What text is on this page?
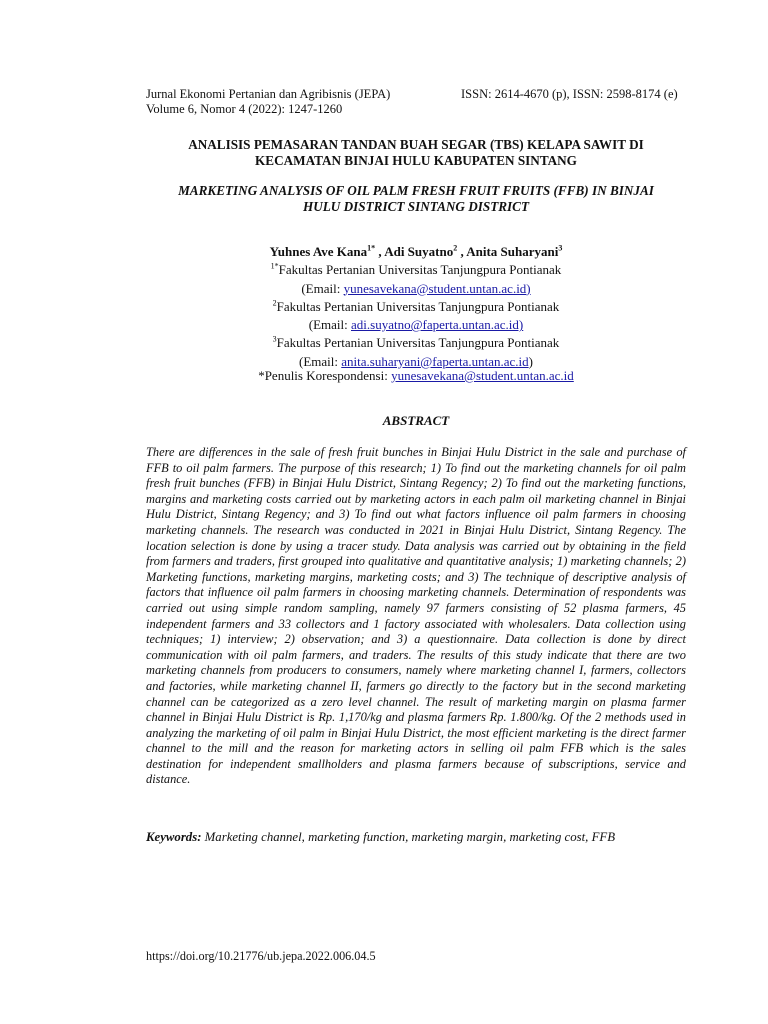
Jurnal Ekonomi Pertanian dan Agribisnis (JEPA)
Volume 6, Nomor 4 (2022): 1247-1260
ISSN: 2614-4670 (p), ISSN: 2598-8174 (e)

ANALISIS PEMASARAN TANDAN BUAH SEGAR (TBS) KELAPA SAWIT DI
KECAMATAN BINJAI HULU KABUPATEN SINTANG

MARKETING ANALYSIS OF OIL PALM FRESH FRUIT FRUITS (FFB) IN BINJAI
HULU DISTRICT SINTANG DISTRICT

Yuhnes Ave Kana$^{1*}$ , Adi Suyatno$^2$ , Anita Suharyani$^3$
$^{1*}$Fakultas Pertanian Universitas Tanjungpura Pontianak
(Email: yunesavekana@student.untan.ac.id)
$^2$Fakultas Pertanian Universitas Tanjungpura Pontianak
(Email: adi.suyatno@faperta.untan.ac.id)
$^3$Fakultas Pertanian Universitas Tanjungpura Pontianak
(Email: anita.suharyani@faperta.untan.ac.id)
*Penulis Korespondensi: yunesavekana@student.untan.ac.id
ABSTRACT

There are differences in the sale of fresh fruit bunches in Binjai Hulu District in the sale and purchase of FFB to oil palm farmers. The purpose of this research; 1) To find out the marketing channels for oil palm fresh fruit bunches (FFB) in Binjai Hulu District, Sintang Regency; 2) To find out the marketing functions, margins and marketing costs carried out by marketing actors in each palm oil marketing channel in Binjai Hulu District, Sintang Regency; and 3) To find out what factors influence oil palm farmers in choosing marketing channels. The research was conducted in 2021 in Binjai Hulu District, Sintang Regency. The location selection is done by using a tracer study. Data analysis was carried out by obtaining in the field from farmers and traders, first grouped into qualitative and quantitative analysis; 1) marketing channels; 2) Marketing functions, marketing margins, marketing costs; and 3) The technique of descriptive analysis of factors that influence oil palm farmers in choosing marketing channels. Determination of respondents was carried out using simple random sampling, namely 97 farmers consisting of 52 plasma farmers, 45 independent farmers and 33 collectors and 1 factory associated with wholesalers. Data collection using techniques; 1) interview; 2) observation; and 3) a questionnaire. Data collection is done by direct communication with oil palm farmers, and traders. The results of this study indicate that there are two marketing channels from producers to consumers, namely where marketing channel I, farmers, collectors and factories, while marketing channel II, farmers go directly to the factory but in the second marketing channel can be categorized as a zero level channel. The result of marketing margin on plasma farmer channel in Binjai Hulu District is Rp. 1,170/kg and plasma farmers Rp. 1.800/kg. Of the 2 methods used in analyzing the marketing of oil palm in Binjai Hulu District, the most efficient marketing is the direct farmer channel to the mill and the reason for marketing actors in selling oil palm FFB which is the sales destination for independent smallholders and plasma farmers because of subscriptions, service and distance.

Keywords: Marketing channel, marketing function, marketing margin, marketing cost, FFB
https://doi.org/10.21776/ub.jepa.2022.006.04.5
